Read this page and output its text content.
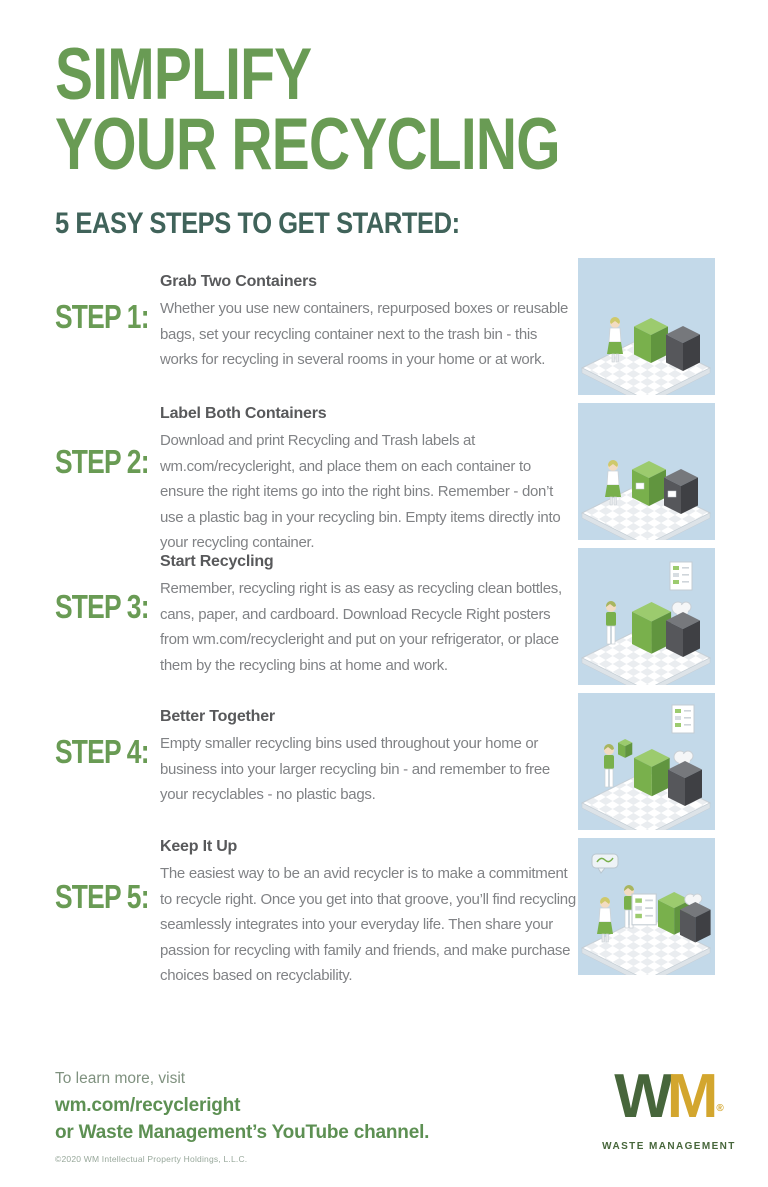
SIMPLIFY
YOUR RECYCLING
5 EASY STEPS TO GET STARTED:
STEP 1:
Grab Two Containers

Whether you use new containers, repurposed boxes or reusable bags, set your recycling container next to the trash bin - this works for recycling in several rooms in your home or at work.

STEP 2:
Label Both Containers

Download and print Recycling and Trash labels at wm.com/recycleright, and place them on each container to ensure the right items go into the right bins. Remember - don’t use a plastic bag in your recycling bin. Empty items directly into your recycling container.

STEP 3:
Start Recycling

Remember, recycling right is as easy as recycling clean bottles, cans, paper, and cardboard. Download Recycle Right posters from wm.com/recycleright and put on your refrigerator, or place them by the recycling bins at home and work.

STEP 4:
Better Together

Empty smaller recycling bins used throughout your home or business into your larger recycling bin - and remember to free your recyclables - no plastic bags.

STEP 5:
Keep It Up

The easiest way to be an avid recycler is to make a commitment to recycle right. Once you get into that groove, you’ll find recycling seamlessly integrates into your everyday life. Then share your passion for recycling with family and friends, and make purchase choices based on recyclability.

To learn more, visit
wm.com/recycleright
or Waste Management’s YouTube channel.
©2020 WM Intellectual Property Holdings, L.L.C.
WM ®
WASTE MANAGEMENT
